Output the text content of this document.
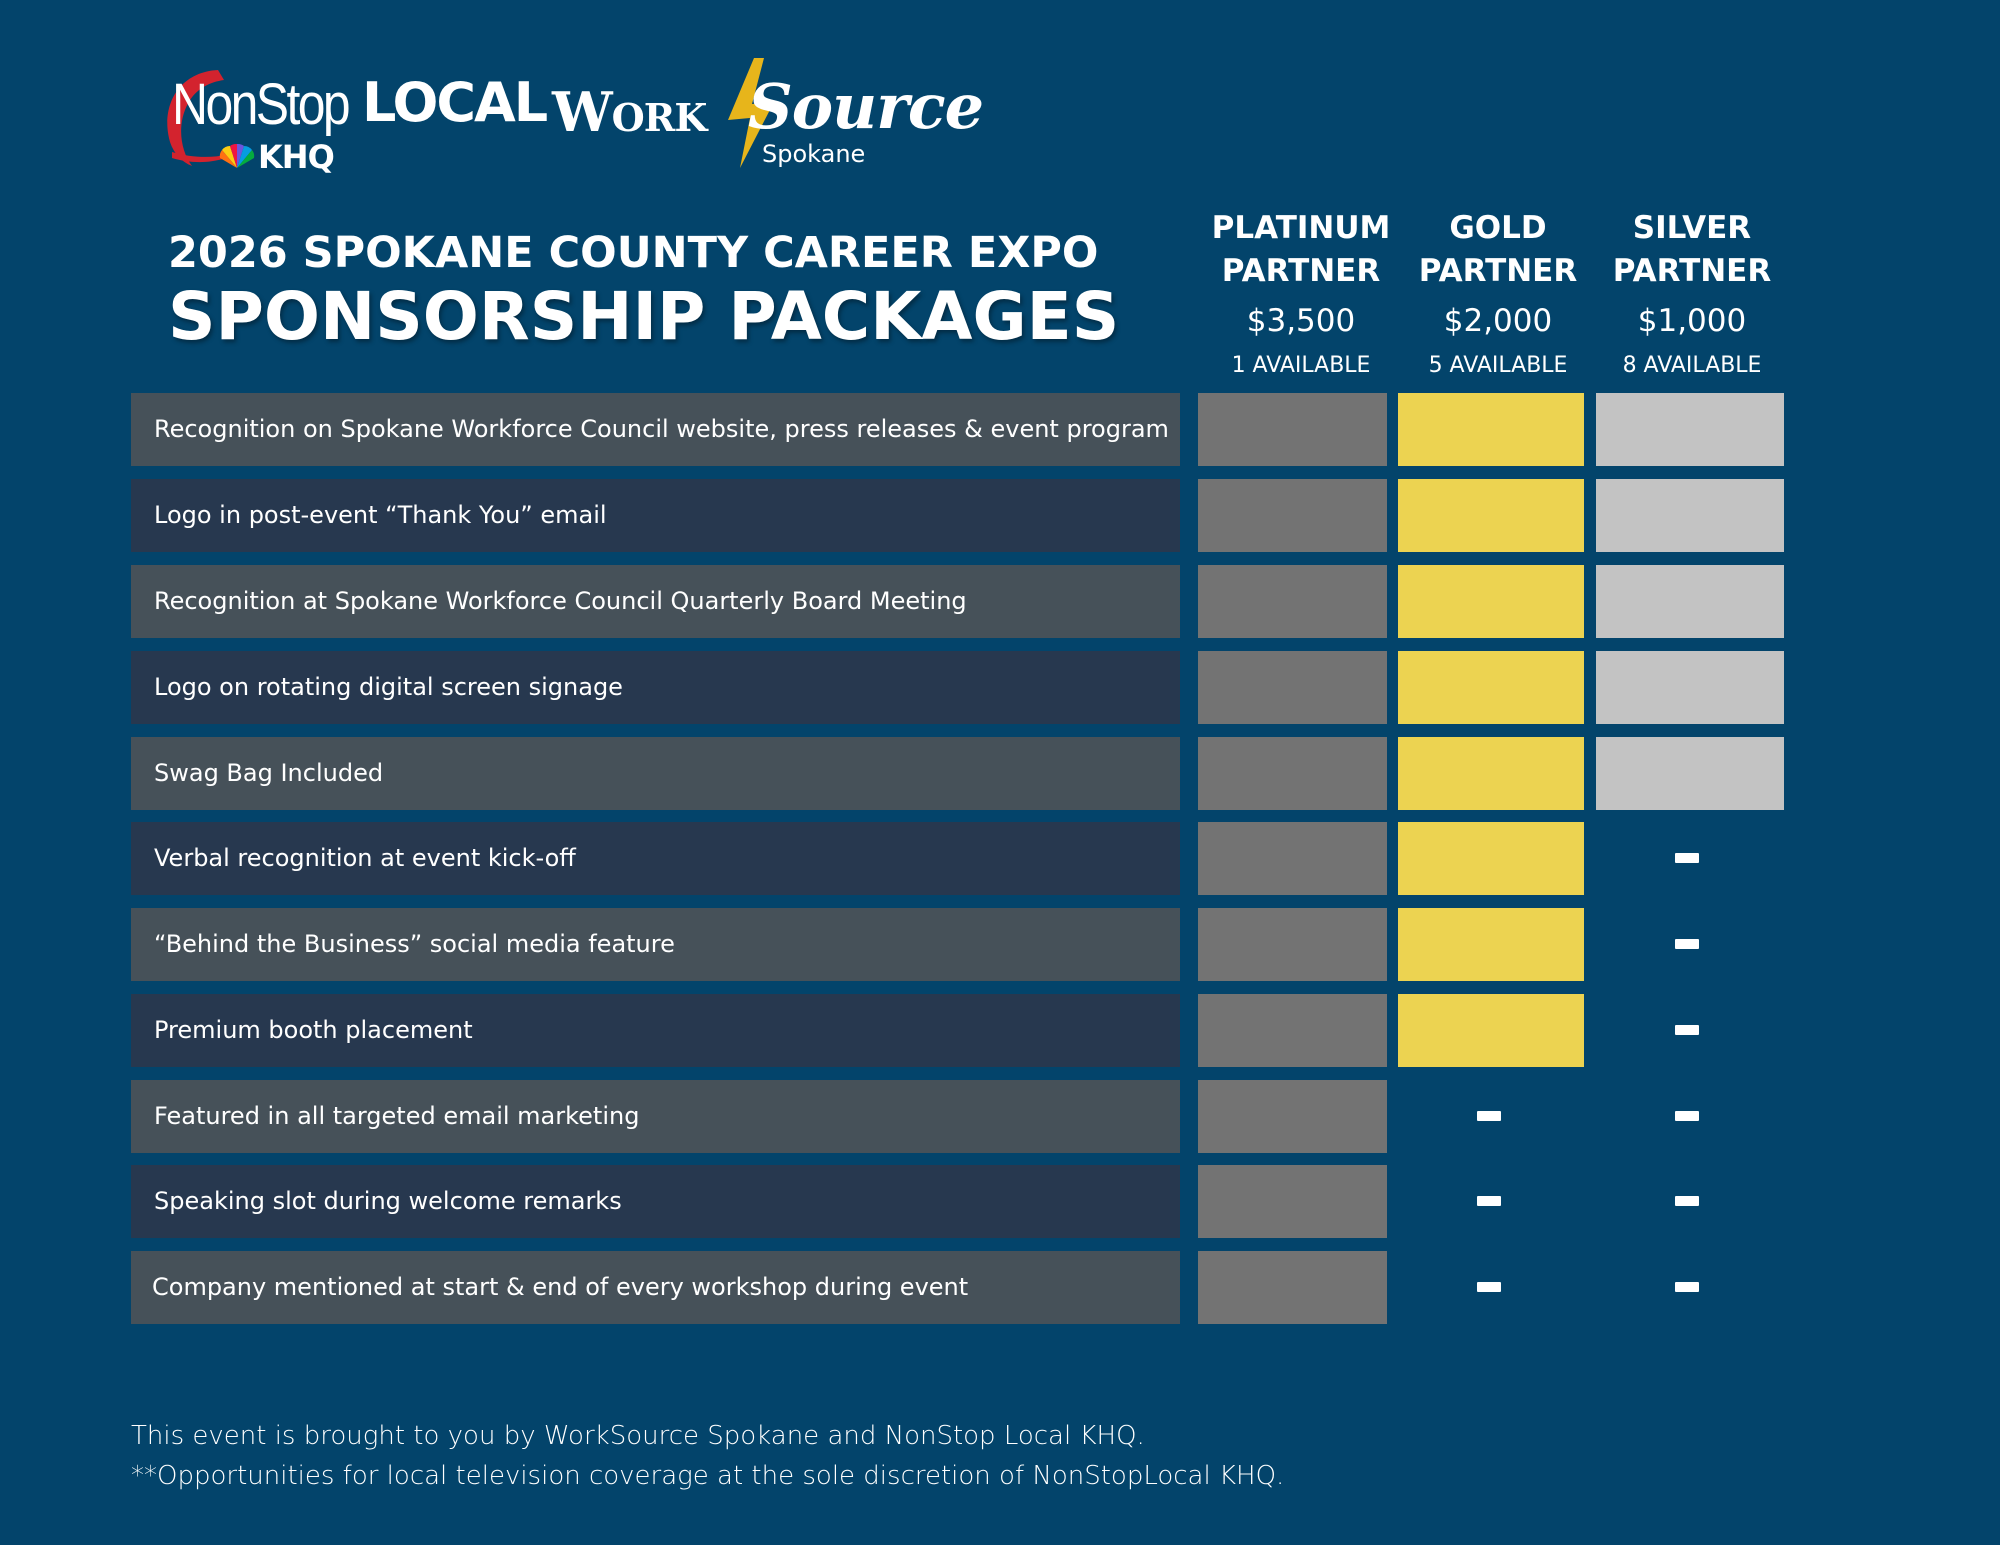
NonStop LOCAL
KHQ
Work Source
Spokane
2026 SPOKANE COUNTY CAREER EXPO
SPONSORSHIP PACKAGES
PLATINUM
PARTNER
$3,500
1 AVAILABLE
GOLD
PARTNER
$2,000
5 AVAILABLE
SILVER
PARTNER
$1,000
8 AVAILABLE
Recognition on Spokane Workforce Council website, press releases & event program
Logo in post-event “Thank You” email
Recognition at Spokane Workforce Council Quarterly Board Meeting
Logo on rotating digital screen signage
Swag Bag Included
Verbal recognition at event kick-off
“Behind the Business” social media feature
Premium booth placement
Featured in all targeted email marketing
Speaking slot during welcome remarks
Company mentioned at start & end of every workshop during event
This event is brought to you by WorkSource Spokane and NonStop Local KHQ.
**Opportunities for local television coverage at the sole discretion of NonStopLocal KHQ.
